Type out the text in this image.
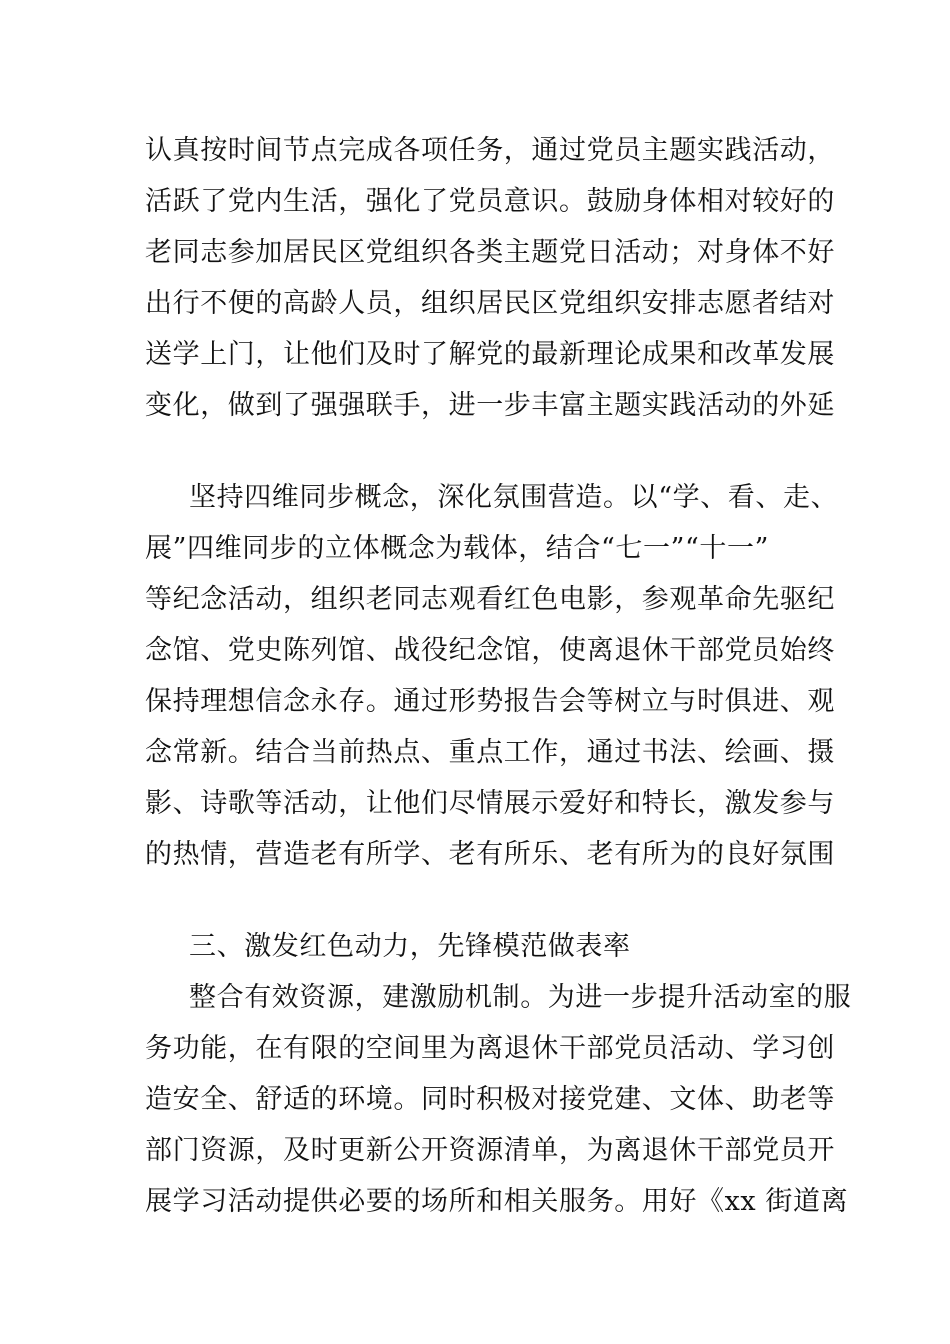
认真按时间节点完成各项任务，通过党员主题实践活动，
活跃了党内生活，强化了党员意识。鼓励身体相对较好的
老同志参加居民区党组织各类主题党日活动；对身体不好
出行不便的高龄人员，组织居民区党组织安排志愿者结对
送学上门，让他们及时了解党的最新理论成果和改革发展
变化，做到了强强联手，进一步丰富主题实践活动的外延
坚持四维同步概念，深化氛围营造。以“学、看、走、
展”四维同步的立体概念为载体，结合“七一”“十一”
等纪念活动，组织老同志观看红色电影，参观革命先驱纪
念馆、党史陈列馆、战役纪念馆，使离退休干部党员始终
保持理想信念永存。通过形势报告会等树立与时俱进、观
念常新。结合当前热点、重点工作，通过书法、绘画、摄
影、诗歌等活动，让他们尽情展示爱好和特长，激发参与
的热情，营造老有所学、老有所乐、老有所为的良好氛围
三、激发红色动力，先锋模范做表率
整合有效资源，建激励机制。为进一步提升活动室的服
务功能，在有限的空间里为离退休干部党员活动、学习创
造安全、舒适的环境。同时积极对接党建、文体、助老等
部门资源，及时更新公开资源清单，为离退休干部党员开
展学习活动提供必要的场所和相关服务。用好《xx 街道离
